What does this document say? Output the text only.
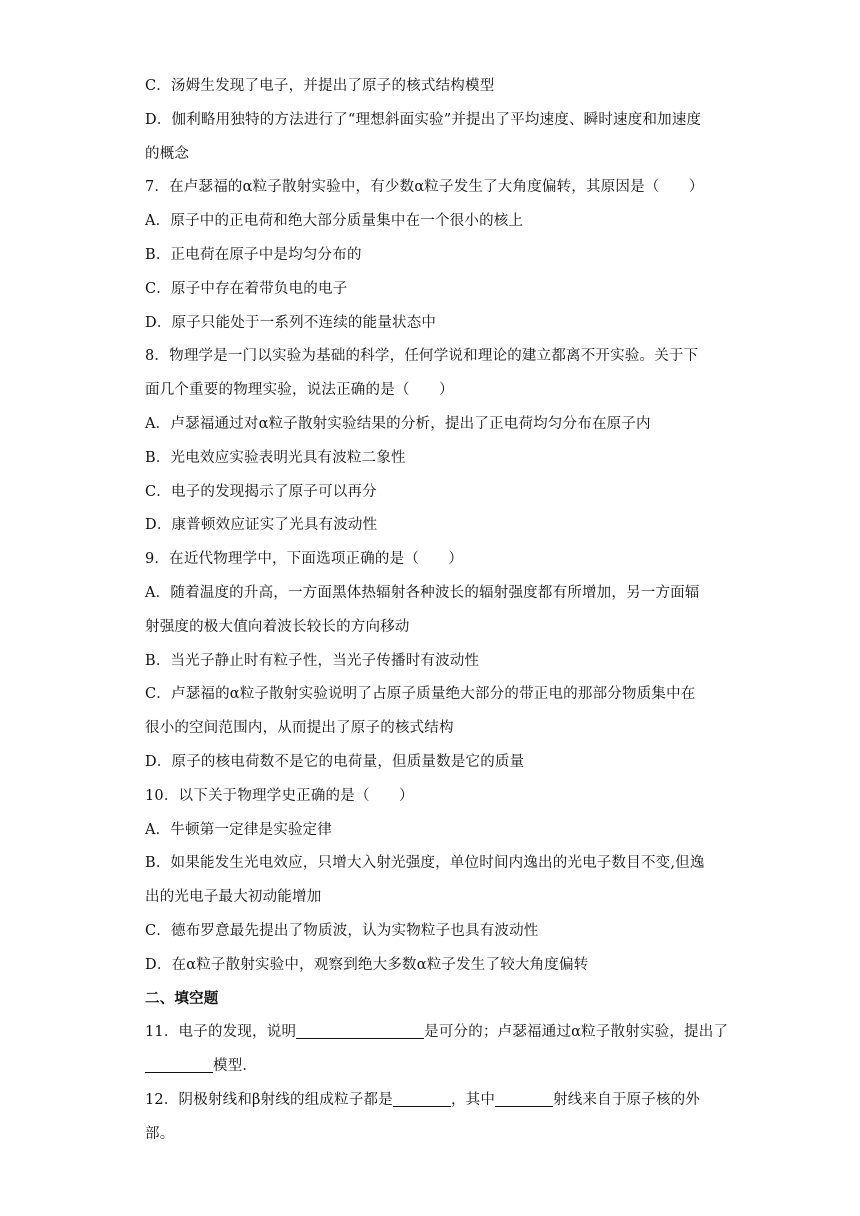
C．汤姆生发现了电子，并提出了原子的核式结构模型
D．伽利略用独特的方法进行了“理想斜面实验”并提出了平均速度、瞬时速度和加速度
的概念
7．在卢瑟福的α粒子散射实验中，有少数α粒子发生了大角度偏转，其原因是（　　）
A．原子中的正电荷和绝大部分质量集中在一个很小的核上
B．正电荷在原子中是均匀分布的
C．原子中存在着带负电的电子
D．原子只能处于一系列不连续的能量状态中
8．物理学是一门以实验为基础的科学，任何学说和理论的建立都离不开实验。关于下
面几个重要的物理实验，说法正确的是（　　）
A．卢瑟福通过对α粒子散射实验结果的分析，提出了正电荷均匀分布在原子内
B．光电效应实验表明光具有波粒二象性
C．电子的发现揭示了原子可以再分
D．康普顿效应证实了光具有波动性
9．在近代物理学中，下面选项正确的是（　　）
A．随着温度的升高，一方面黑体热辐射各种波长的辐射强度都有所增加，另一方面辐
射强度的极大值向着波长较长的方向移动
B．当光子静止时有粒子性，当光子传播时有波动性
C．卢瑟福的α粒子散射实验说明了占原子质量绝大部分的带正电的那部分物质集中在
很小的空间范围内，从而提出了原子的核式结构
D．原子的核电荷数不是它的电荷量，但质量数是它的质量
10．以下关于物理学史正确的是（　　）
A．牛顿第一定律是实验定律
B．如果能发生光电效应，只增大入射光强度，单位时间内逸出的光电子数目不变,但逸
出的光电子最大初动能增加
C．德布罗意最先提出了物质波，认为实物粒子也具有波动性
D．在α粒子散射实验中，观察到绝大多数α粒子发生了较大角度偏转
二、填空题
11．电子的发现，说明	是可分的；卢瑟福通过α粒子散射实验，提出了
模型．
12．阴极射线和β射线的组成粒子都是	，其中	射线来自于原子核的外
部。
